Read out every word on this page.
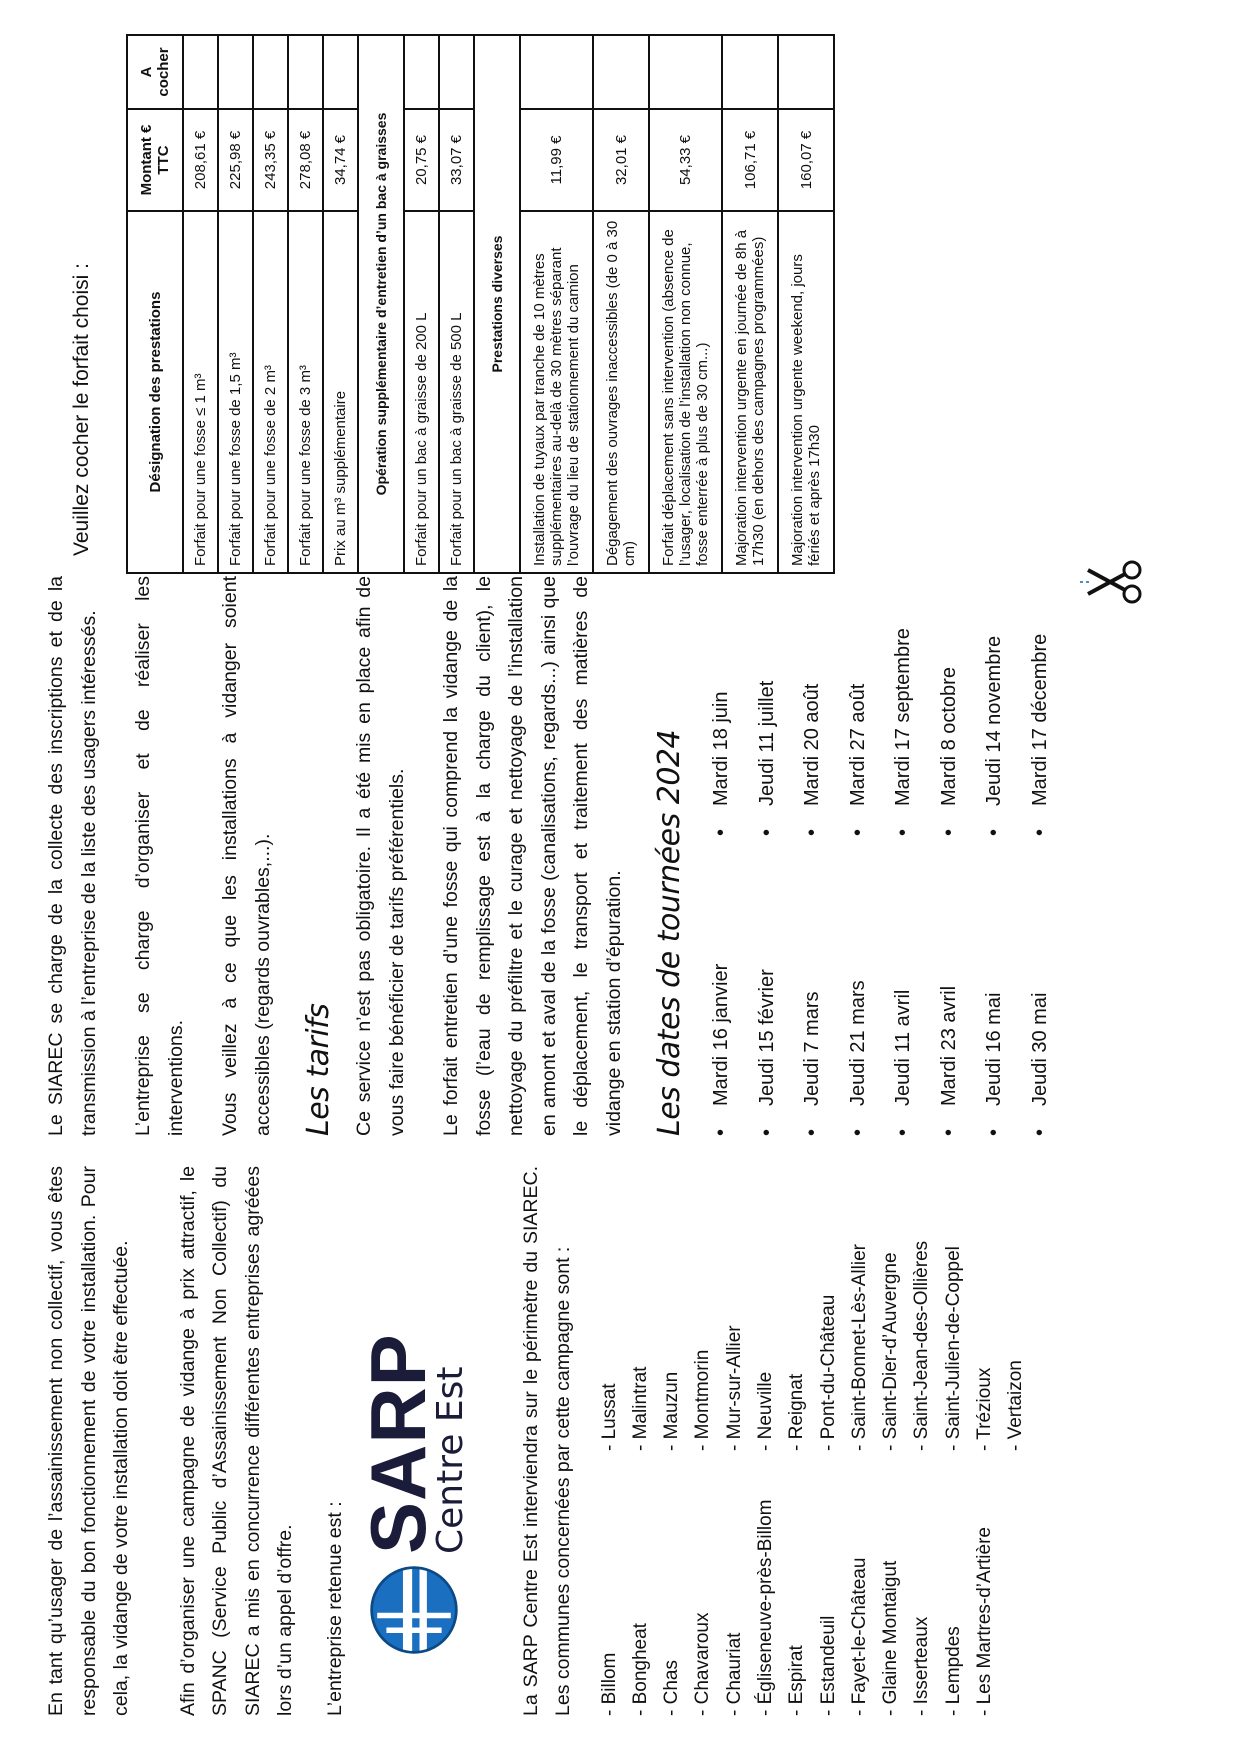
En tant qu’usager de l’assainissement non collectif, vous êtes responsable du bon fonctionnement de votre installation. Pour cela, la vidange de votre installation doit être effectuée. Afin d’organiser une campagne de vidange à prix attractif, le SPANC (Service Public d’Assainissement Non Collectif) du SIAREC a mis en concurrence différentes entreprises agréées lors d’un appel d’offre. L’entreprise retenue est :
SARP
Centre Est	La SARP Centre Est interviendra sur le périmètre du SIAREC. Les communes concernées par cette campagne sont : - Billom - Bongheat - Chas - Chavaroux - Chauriat - Égliseneuve-près-Billom - Espirat - Estandeuil - Fayet-le-Château - Glaine Montaigut - Isserteaux - Lempdes - Les Martres-d’Artière
- Lussat - Malintrat - Mauzun - Montmorin - Mur-sur-Allier - Neuville - Reignat - Pont-du-Château - Saint-Bonnet-Lès-Allier - Saint-Dier-d’Auvergne - Saint-Jean-des-Ollières - Saint-Julien-de-Coppel - Trézioux - Vertaizon

Le SIAREC se charge de la collecte des inscriptions et de la transmission à l’entreprise de la liste des usagers intéressés. L’entreprise se charge d’organiser et de réaliser les interventions. Vous veillez à ce que les installations à vidanger soient accessibles (regards ouvrables,...). Les tarifs Ce service n’est pas obligatoire. Il a été mis en place afin de vous faire bénéficier de tarifs préférentiels. Le forfait entretien d’une fosse qui comprend la vidange de la fosse (l’eau de remplissage est à la charge du client), le nettoyage du préfiltre et le curage et nettoyage de l’installation en amont et aval de la fosse (canalisations, regards...) ainsi que le déplacement, le transport et traitement des matières de vidange en station d’épuration. Les dates de tournées 2024	•Mardi 16 janvier
•Jeudi 15 février
•Jeudi 7 mars
•Jeudi 21 mars
•Jeudi 11 avril
•Mardi 23 avril
•Jeudi 16 mai
•Jeudi 30 mai
•Mardi 18 juin
•Jeudi 11 juillet
•Mardi 20 août
•Mardi 27 août
•Mardi 17 septembre
•Mardi 8 octobre
•Jeudi 14 novembre
•Mardi 17 décembre
Veuillez cocher le forfait choisi :	Désignation des prestations	Montant € TTC	A cocher
Forfait pour une fosse ≤ 1 m³	208,61 €	
Forfait pour une fosse de 1,5 m³	225,98 €	
Forfait pour une fosse de 2 m³	243,35 €	
Forfait pour une fosse de 3 m³	278,08 €	
Prix au m³ supplémentaire	34,74 €	
Opération supplémentaire d’entretien d’un bac à graisses		
Forfait pour un bac à graisse de 200 L	20,75 €	
Forfait pour un bac à graisse de 500 L	33,07 €	
Prestations diverses		
Installation de tuyaux par tranche de 10 mètres supplémentaires au-delà de 30 mètres séparant l’ouvrage du lieu de stationnement du camion	11,99 €	
Dégagement des ouvrages inaccessibles (de 0 à 30 cm)	32,01 €	
Forfait déplacement sans intervention (absence de l’usager, localisation de l’installation non connue, fosse enterrée à plus de 30 cm...)	54,33 €	
Majoration intervention urgente en journée de 8h à 17h30 (en dehors des campagnes programmées)	106,71 €	
Majoration intervention urgente weekend, jours fériés et après 17h30	160,07 €	
